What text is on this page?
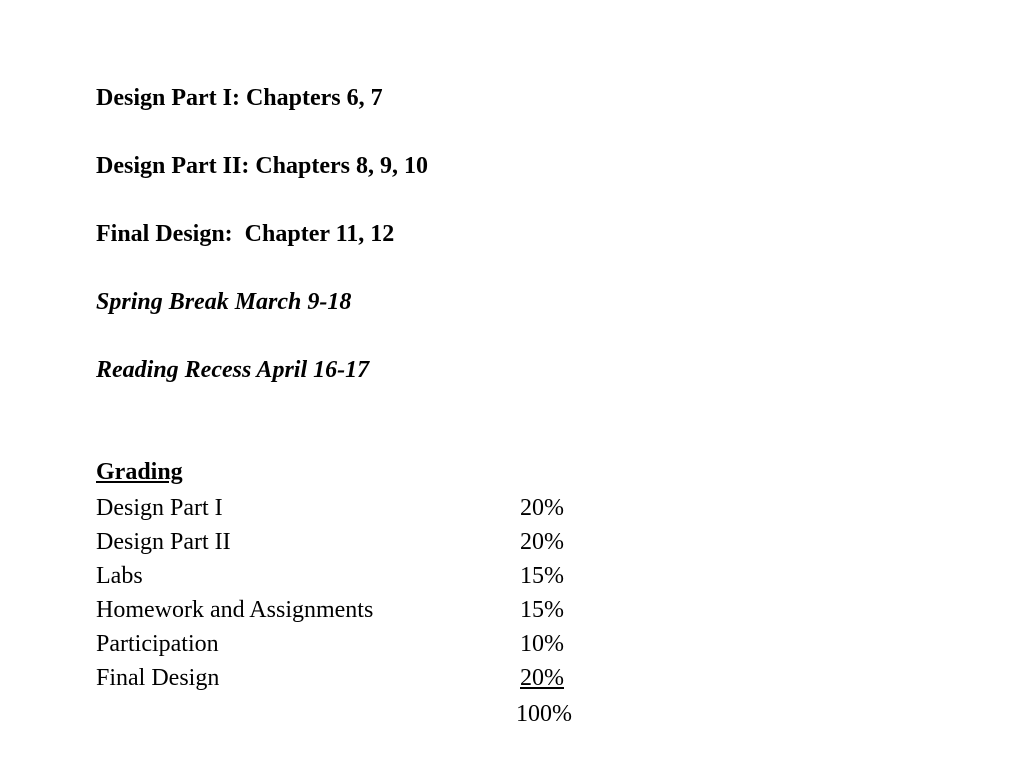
Design Part I: Chapters 6, 7
Design Part II: Chapters 8, 9, 10
Final Design:  Chapter 11, 12
Spring Break March 9-18
Reading Recess April 16-17
Grading
Design Part I	20%
Design Part II	20%
Labs	15%
Homework and Assignments	15%
Participation	10%
Final Design	20%
100%
